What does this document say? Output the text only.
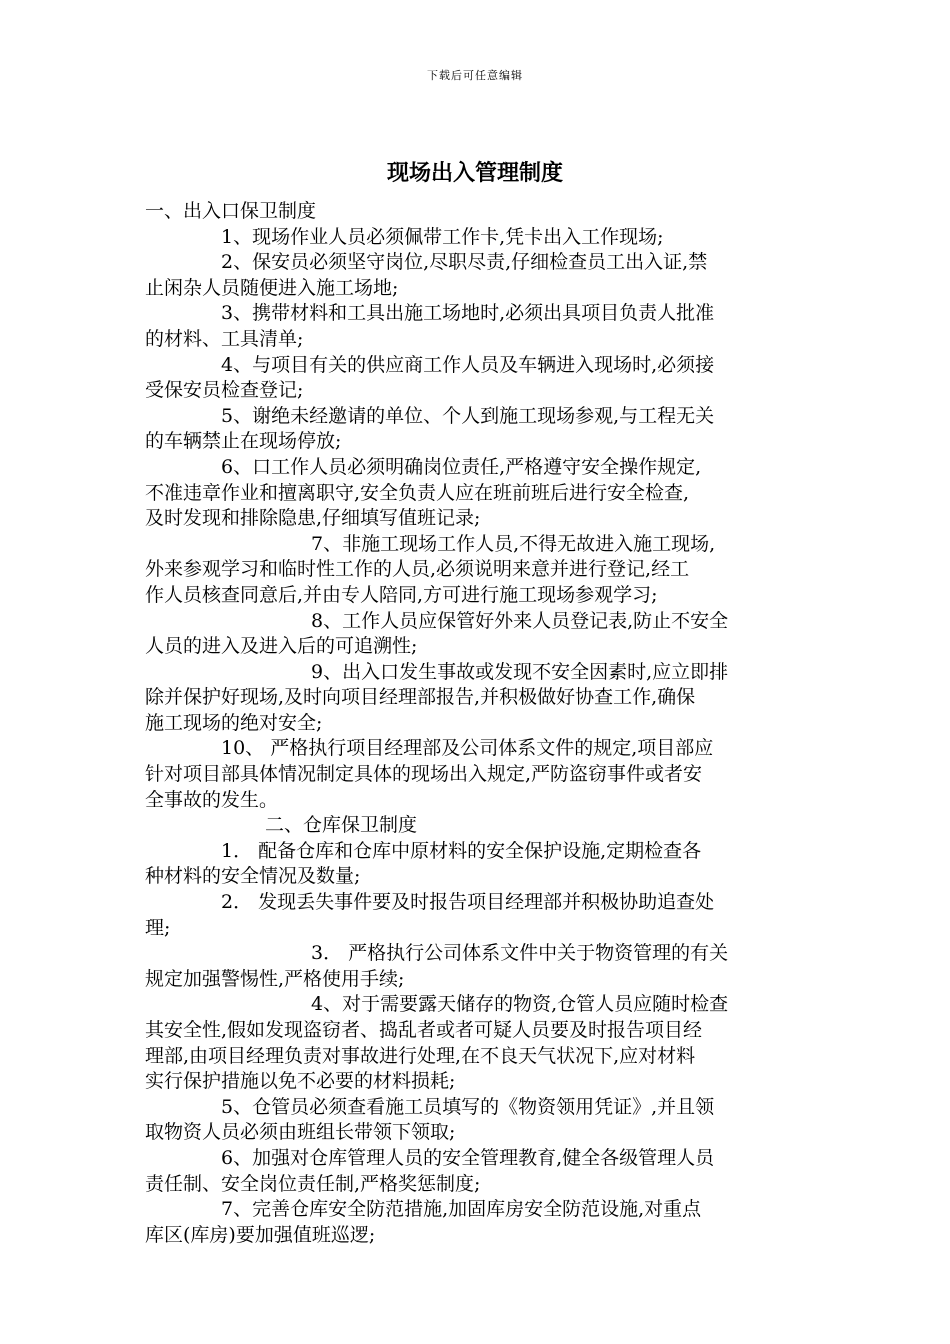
下载后可任意编辑
现场出入管理制度
一、出入口保卫制度
1、现场作业人员必须佩带工作卡,凭卡出入工作现场;
2、保安员必须坚守岗位,尽职尽责,仔细检查员工出入证,禁
止闲杂人员随便进入施工场地;
3、携带材料和工具出施工场地时,必须出具项目负责人批准
的材料、工具清单;
4、与项目有关的供应商工作人员及车辆进入现场时,必须接
受保安员检查登记;
5、谢绝未经邀请的单位、个人到施工现场参观,与工程无关
的车辆禁止在现场停放;
6、口工作人员必须明确岗位责任,严格遵守安全操作规定,
不准违章作业和擅离职守,安全负责人应在班前班后进行安全检查,
及时发现和排除隐患,仔细填写值班记录;
7、非施工现场工作人员,不得无故进入施工现场,
外来参观学习和临时性工作的人员,必须说明来意并进行登记,经工
作人员核查同意后,并由专人陪同,方可进行施工现场参观学习;
8、工作人员应保管好外来人员登记表,防止不安全
人员的进入及进入后的可追溯性;
9、出入口发生事故或发现不安全因素时,应立即排
除并保护好现场,及时向项目经理部报告,并积极做好协查工作,确保
施工现场的绝对安全;
10、 严格执行项目经理部及公司体系文件的规定,项目部应
针对项目部具体情况制定具体的现场出入规定,严防盗窃事件或者安
全事故的发生。
二、仓库保卫制度
1． 配备仓库和仓库中原材料的安全保护设施,定期检查各
种材料的安全情况及数量;
2． 发现丢失事件要及时报告项目经理部并积极协助追查处
理;
3． 严格执行公司体系文件中关于物资管理的有关
规定加强警惕性,严格使用手续;
4、对于需要露天储存的物资,仓管人员应随时检查
其安全性,假如发现盗窃者、捣乱者或者可疑人员要及时报告项目经
理部,由项目经理负责对事故进行处理,在不良天气状况下,应对材料
实行保护措施以免不必要的材料损耗;
5、仓管员必须查看施工员填写的《物资领用凭证》,并且领
取物资人员必须由班组长带领下领取;
6、加强对仓库管理人员的安全管理教育,健全各级管理人员
责任制、安全岗位责任制,严格奖惩制度;
7、完善仓库安全防范措施,加固库房安全防范设施,对重点
库区(库房)要加强值班巡逻;
